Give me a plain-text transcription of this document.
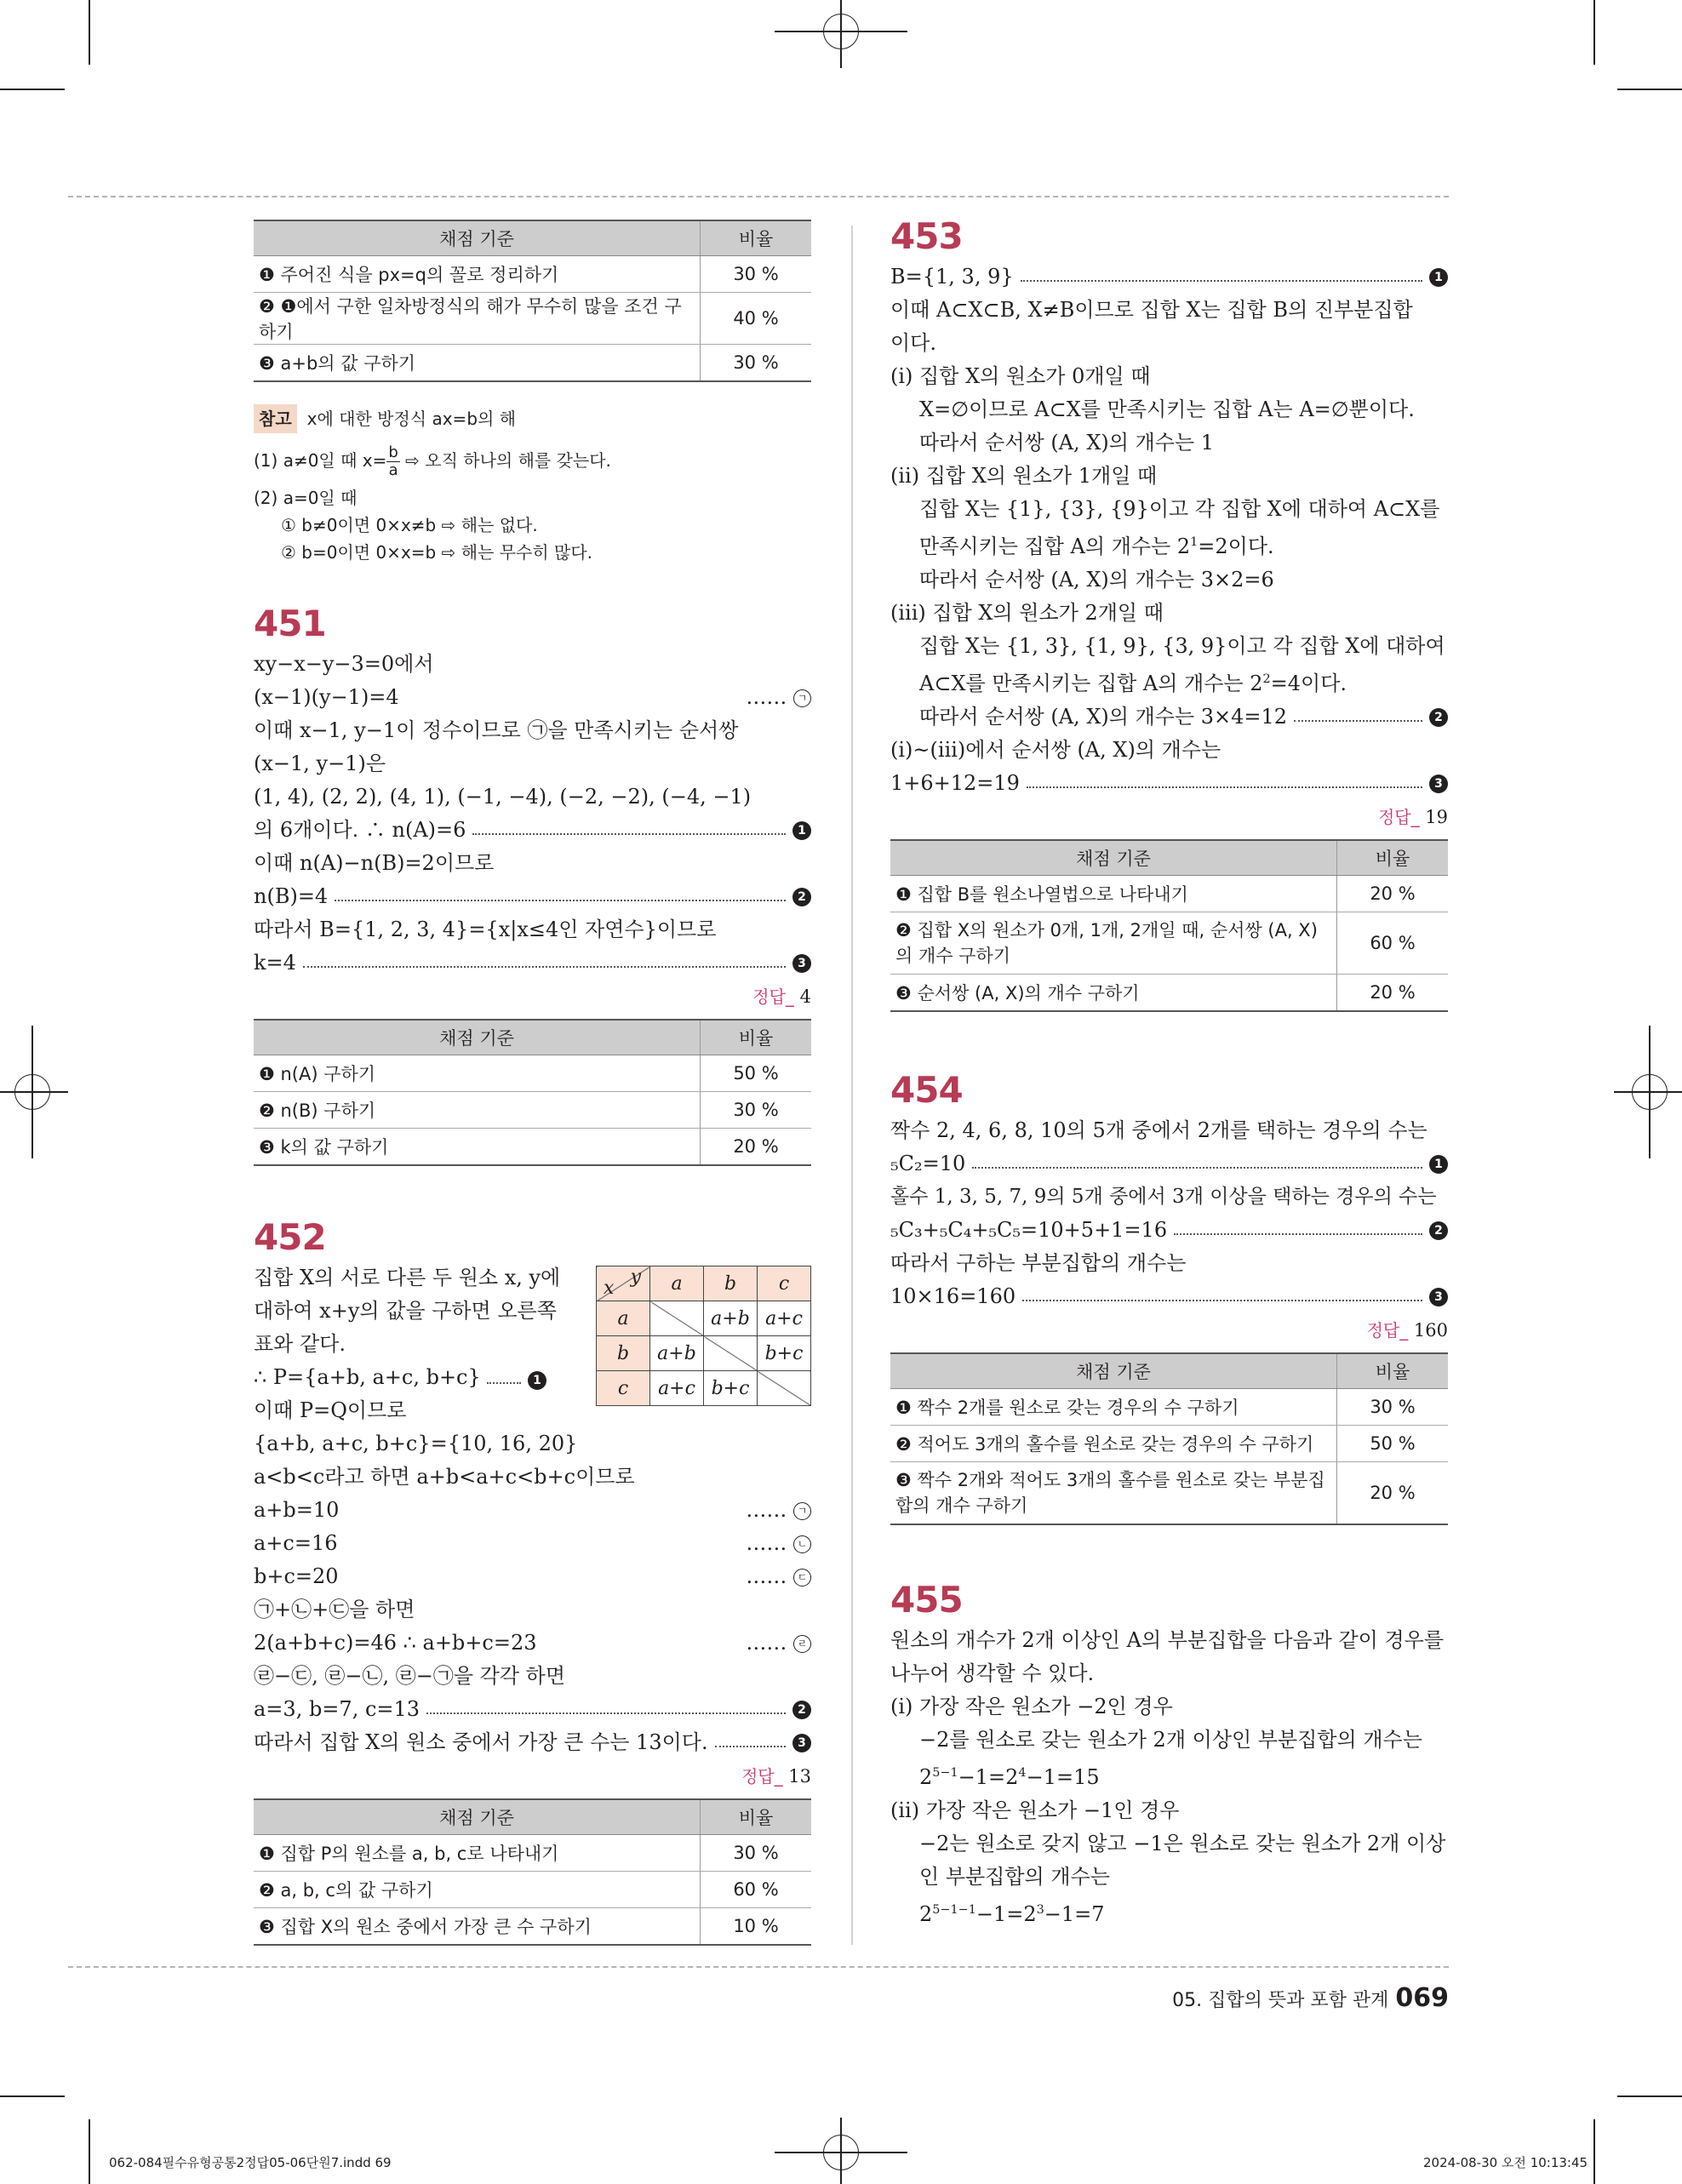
채점 기준	비율
❶ 주어진 식을 px=q의 꼴로 정리하기	30 %
❷ ❶에서 구한 일차방정식의 해가 무수히 많을 조건 구하기	40 %
❸ a+b의 값 구하기	30 %
참고 x에 대한 방정식 ax=b의 해
(1) a≠0일 때 $x= \frac{b}{a}$ ⇨ 오직 하나의 해를 갖는다.
(2) a=0일 때
① b≠0이면 0×x≠b ⇨ 해는 없다.
② b=0이면 0×x=b ⇨ 해는 무수히 많다.
451
xy−x−y−3=0에서
(x−1)(y−1)=4	…… ㄱ
이때 x−1, y−1이 정수이므로 ㉠을 만족시키는 순서쌍
(x−1, y−1)은
(1, 4), (2, 2), (4, 1), (−1, −4), (−2, −2), (−4, −1)
의 6개이다. ∴ n(A)=6	1
이때 n(A)−n(B)=2이므로
n(B)=4	2
따라서 B={1, 2, 3, 4}={x|x≤4인 자연수}이므로
k=4	3
정답_ 4
채점 기준	비율
❶ n(A) 구하기	50 %
❷ n(B) 구하기	30 %
❸ k의 값 구하기	20 %
452
x
y	a	b	c
a		a+b	a+c
b	a+b		b+c
c	a+c	b+c	
집합 X의 서로 다른 두 원소 x, y에
대하여 x+y의 값을 구하면 오른쪽
표와 같다.
∴ P={a+b, a+c, b+c}	1
이때 P=Q이므로
{a+b, a+c, b+c}={10, 16, 20}
a<b<c라고 하면 a+b<a+c<b+c이므로
a+b=10	…… ㄱ
a+c=16	…… ㄴ
b+c=20	…… ㄷ
㉠+㉡+㉢을 하면
2(a+b+c)=46 ∴ a+b+c=23	…… ㄹ
㉣−㉢, ㉣−㉡, ㉣−㉠을 각각 하면
a=3, b=7, c=13	2
따라서 집합 X의 원소 중에서 가장 큰 수는 13이다.	3
정답_ 13
채점 기준	비율
❶ 집합 P의 원소를 a, b, c로 나타내기	30 %
❷ a, b, c의 값 구하기	60 %
❸ 집합 X의 원소 중에서 가장 큰 수 구하기	10 %
453
B={1, 3, 9}	1
이때 A⊂X⊂B, X≠B이므로 집합 X는 집합 B의 진부분집합
이다.
(ⅰ) 집합 X의 원소가 0개일 때
X=∅이므로 A⊂X를 만족시키는 집합 A는 A=∅뿐이다.
따라서 순서쌍 (A, X)의 개수는 1
(ⅱ) 집합 X의 원소가 1개일 때
집합 X는 {1}, {3}, {9}이고 각 집합 X에 대하여 A⊂X를
만족시키는 집합 A의 개수는 $2^1=2$이다.
따라서 순서쌍 (A, X)의 개수는 3×2=6
(ⅲ) 집합 X의 원소가 2개일 때
집합 X는 {1, 3}, {1, 9}, {3, 9}이고 각 집합 X에 대하여
A⊂X를 만족시키는 집합 A의 개수는 $2^2=4$이다.
따라서 순서쌍 (A, X)의 개수는 3×4=12	2
(ⅰ)~(ⅲ)에서 순서쌍 (A, X)의 개수는
1+6+12=19	3
정답_ 19
채점 기준	비율
❶ 집합 B를 원소나열법으로 나타내기	20 %
❷ 집합 X의 원소가 0개, 1개, 2개일 때, 순서쌍 (A, X)의 개수 구하기	60 %
❸ 순서쌍 (A, X)의 개수 구하기	20 %
454
짝수 2, 4, 6, 8, 10의 5개 중에서 2개를 택하는 경우의 수는
₅C₂=10	1
홀수 1, 3, 5, 7, 9의 5개 중에서 3개 이상을 택하는 경우의 수는
₅C₃+₅C₄+₅C₅=10+5+1=16	2
따라서 구하는 부분집합의 개수는
10×16=160	3
정답_ 160
채점 기준	비율
❶ 짝수 2개를 원소로 갖는 경우의 수 구하기	30 %
❷ 적어도 3개의 홀수를 원소로 갖는 경우의 수 구하기	50 %
❸ 짝수 2개와 적어도 3개의 홀수를 원소로 갖는 부분집합의 개수 구하기	20 %
455
원소의 개수가 2개 이상인 A의 부분집합을 다음과 같이 경우를
나누어 생각할 수 있다.
(ⅰ) 가장 작은 원소가 −2인 경우
−2를 원소로 갖는 원소가 2개 이상인 부분집합의 개수는
$2^{5-1}-1=2^4-1=15$
(ⅱ) 가장 작은 원소가 −1인 경우
−2는 원소로 갖지 않고 −1은 원소로 갖는 원소가 2개 이상
인 부분집합의 개수는
$2^{5-1-1}-1=2^3-1=7$
05. 집합의 뜻과 포함 관계 069
062-084필수유형공통2정답05-06단원7.indd 69	2024-08-30 오전 10:13:45
